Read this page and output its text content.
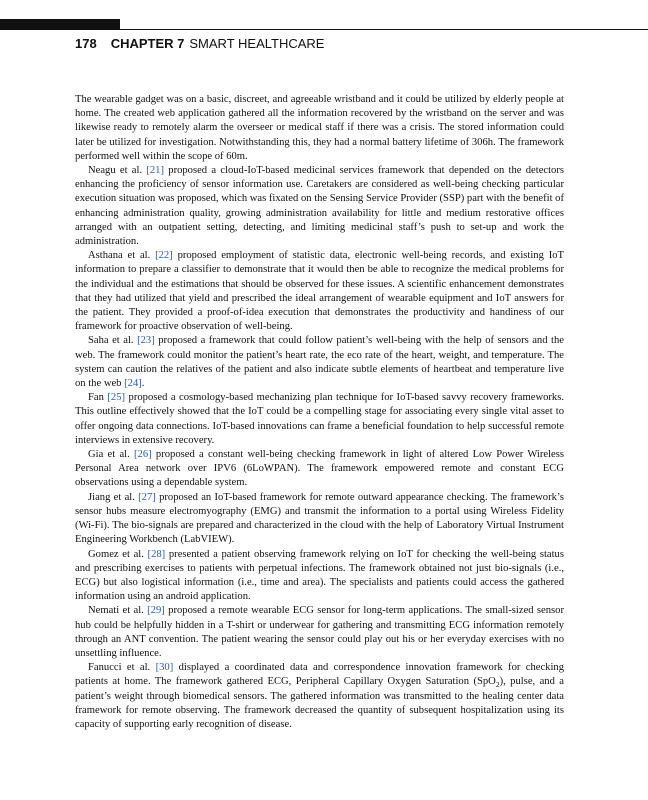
178 CHAPTER 7 SMART HEALTHCARE

The wearable gadget was on a basic, discreet, and agreeable wristband and it could be utilized by elderly people at home. The created web application gathered all the information recovered by the wristband on the server and was likewise ready to remotely alarm the overseer or medical staff if there was a crisis. The stored information could later be utilized for investigation. Notwithstanding this, they had a normal battery lifetime of 306h. The framework performed well within the scope of 60m.

Neagu et al. [21] proposed a cloud-IoT-based medicinal services framework that depended on the detectors enhancing the proficiency of sensor information use. Caretakers are considered as well-being checking particular execution situation was proposed, which was fixated on the Sensing Service Provider (SSP) part with the benefit of enhancing administration quality, growing administration availability for little and medium restorative offices arranged with an outpatient setting, detecting, and limiting medicinal staff’s push to set-up and work the administration.

Asthana et al. [22] proposed employment of statistic data, electronic well-being records, and existing IoT information to prepare a classifier to demonstrate that it would then be able to recognize the medical problems for the individual and the estimations that should be observed for these issues. A scientific enhancement demonstrates that they had utilized that yield and prescribed the ideal arrangement of wearable equipment and IoT answers for the patient. They provided a proof-of-idea execution that demonstrates the productivity and handiness of our framework for proactive observation of well-being.

Saha et al. [23] proposed a framework that could follow patient’s well-being with the help of sensors and the web. The framework could monitor the patient’s heart rate, the eco rate of the heart, weight, and temperature. The system can caution the relatives of the patient and also indicate subtle elements of heartbeat and temperature live on the web [24].

Fan [25] proposed a cosmology-based mechanizing plan technique for IoT-based savvy recovery frameworks. This outline effectively showed that the IoT could be a compelling stage for associating every single vital asset to offer ongoing data connections. IoT-based innovations can frame a beneficial foundation to help successful remote interviews in extensive recovery.

Gia et al. [26] proposed a constant well-being checking framework in light of altered Low Power Wireless Personal Area network over IPV6 (6LoWPAN). The framework empowered remote and constant ECG observations using a dependable system.

Jiang et al. [27] proposed an IoT-based framework for remote outward appearance checking. The framework’s sensor hubs measure electromyography (EMG) and transmit the information to a portal using Wireless Fidelity (Wi-Fi). The bio-signals are prepared and characterized in the cloud with the help of Laboratory Virtual Instrument Engineering Workbench (LabVIEW).

Gomez et al. [28] presented a patient observing framework relying on IoT for checking the well-being status and prescribing exercises to patients with perpetual infections. The framework obtained not just bio-signals (i.e., ECG) but also logistical information (i.e., time and area). The specialists and patients could access the gathered information using an android application.

Nemati et al. [29] proposed a remote wearable ECG sensor for long-term applications. The small-sized sensor hub could be helpfully hidden in a T-shirt or underwear for gathering and transmitting ECG information remotely through an ANT convention. The patient wearing the sensor could play out his or her everyday exercises with no unsettling influence.

Fanucci et al. [30] displayed a coordinated data and correspondence innovation framework for checking patients at home. The framework gathered ECG, Peripheral Capillary Oxygen Saturation (SpO$_2$), pulse, and a patient’s weight through biomedical sensors. The gathered information was transmitted to the healing center data framework for remote observing. The framework decreased the quantity of subsequent hospitalization using its capacity of supporting early recognition of disease.
